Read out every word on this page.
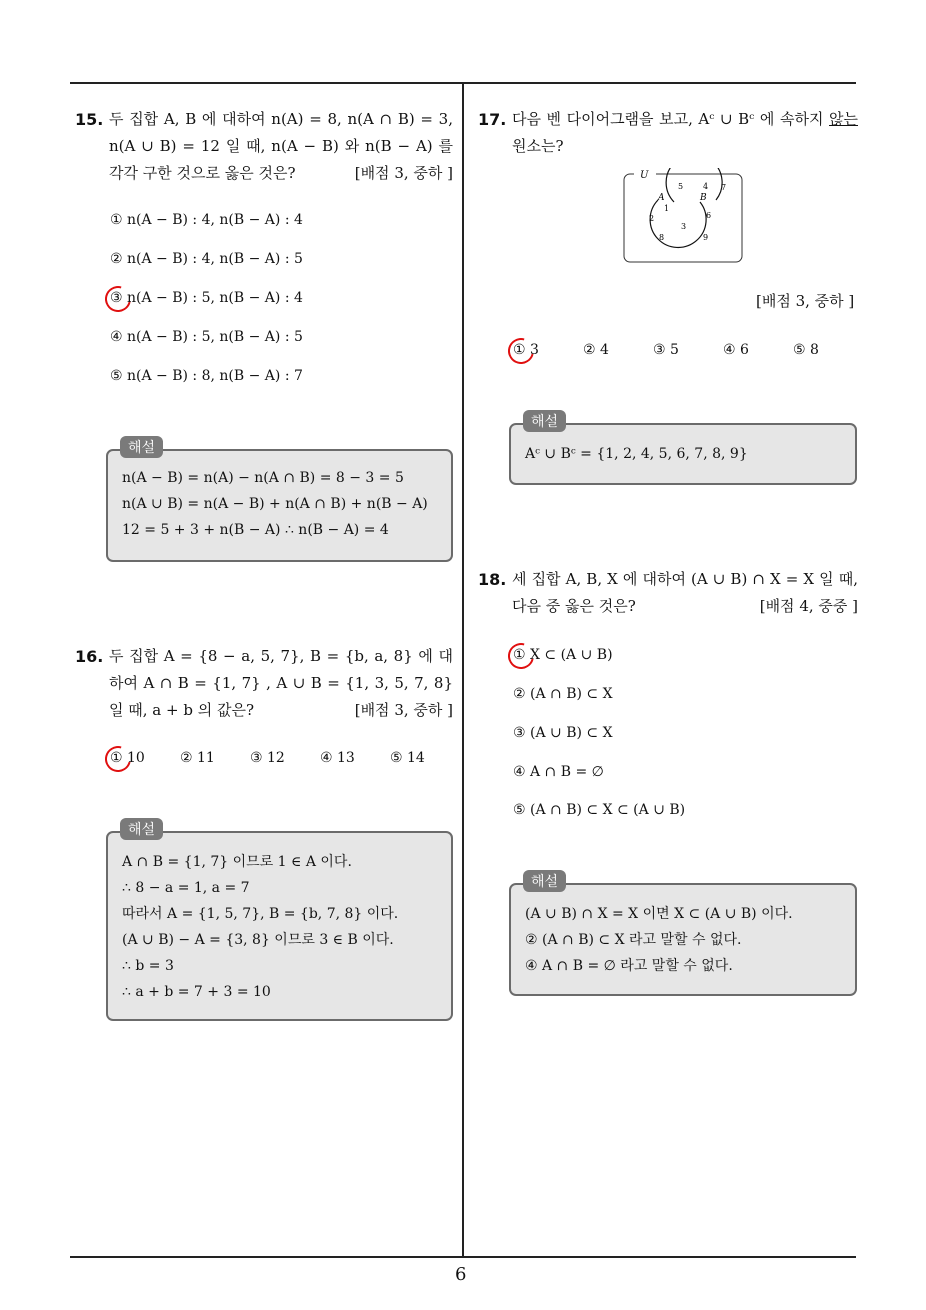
6
15. 두 집합 A, B 에 대하여 n(A) = 8, n(A ∩ B) = 3, n(A ∪ B) = 12 일 때, n(A − B) 와 n(B − A) 를 각각 구한 것으로 옳은 것은?	[배점 3, 중하 ]
① n(A − B) : 4, n(B − A) : 4
② n(A − B) : 4, n(B − A) : 5
③ n(A − B) : 5, n(B − A) : 4
④ n(A − B) : 5, n(B − A) : 5
⑤ n(A − B) : 8, n(B − A) : 7
n(A − B) = n(A) − n(A ∩ B) = 8 − 3 = 5
n(A ∪ B) = n(A − B) + n(A ∩ B) + n(B − A)
12 = 5 + 3 + n(B − A) ∴ n(B − A) = 4
해설
16. 두 집합 A = {8 − a, 5, 7}, B = {b, a, 8} 에 대하여 A ∩ B = {1, 7} , A ∪ B = {1, 3, 5, 7, 8} 일 때, a + b 의 값은?	[배점 3, 중하 ]
① 10	② 11	③ 12	④ 13	⑤ 14
A ∩ B = {1, 7} 이므로 1 ∈ A 이다.
∴ 8 − a = 1, a = 7
따라서 A = {1, 5, 7}, B = {b, 7, 8} 이다.
(A ∪ B) − A = {3, 8} 이므로 3 ∈ B 이다.
∴ b = 3
∴ a + b = 7 + 3 = 10
해설
17. 다음 벤 다이어그램을 보고, Aᶜ ∪ Bᶜ 에 속하지 않는 원소는?
U
A	B
5 4 7
1
2
8
3
6
9
[배점 3, 중하 ]
① 3	② 4	③ 5	④ 6	⑤ 8
Aᶜ ∪ Bᶜ = {1, 2, 4, 5, 6, 7, 8, 9}
해설
18. 세 집합 A, B, X 에 대하여 (A ∪ B) ∩ X = X 일 때, 다음 중 옳은 것은?	[배점 4, 중중 ]
① X ⊂ (A ∪ B)
② (A ∩ B) ⊂ X
③ (A ∪ B) ⊂ X
④ A ∩ B = ∅
⑤ (A ∩ B) ⊂ X ⊂ (A ∪ B)
(A ∪ B) ∩ X = X 이면 X ⊂ (A ∪ B) 이다.
② (A ∩ B) ⊂ X 라고 말할 수 없다.
④ A ∩ B = ∅ 라고 말할 수 없다.
해설
